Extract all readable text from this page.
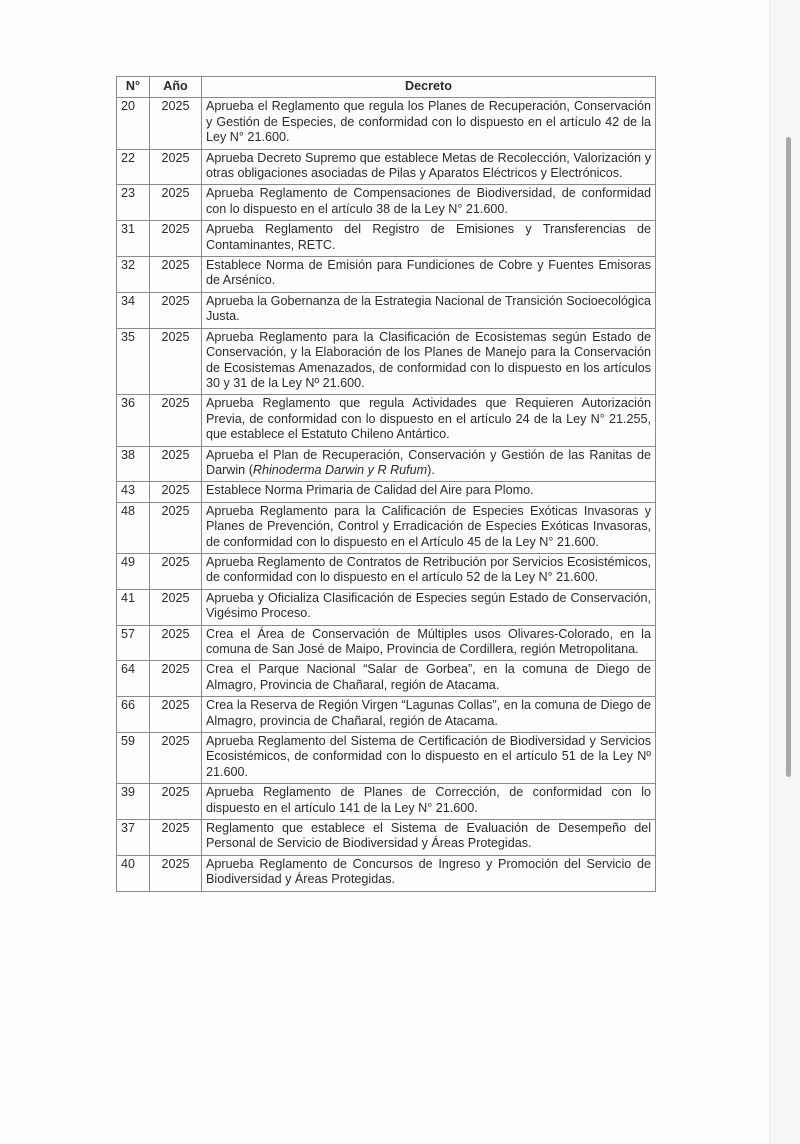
N°	Año	Decreto
20	2025	Aprueba el Reglamento que regula los Planes de Recuperación, Conservación y Gestión de Especies, de conformidad con lo dispuesto en el artículo 42 de la Ley N° 21.600.
22	2025	Aprueba Decreto Supremo que establece Metas de Recolección, Valorización y otras obligaciones asociadas de Pilas y Aparatos Eléctricos y Electrónicos.
23	2025	Aprueba Reglamento de Compensaciones de Biodiversidad, de conformidad con lo dispuesto en el artículo 38 de la Ley N° 21.600.
31	2025	Aprueba Reglamento del Registro de Emisiones y Transferencias de Contaminantes, RETC.
32	2025	Establece Norma de Emisión para Fundiciones de Cobre y Fuentes Emisoras de Arsénico.
34	2025	Aprueba la Gobernanza de la Estrategia Nacional de Transición Socioecológica Justa.
35	2025	Aprueba Reglamento para la Clasificación de Ecosistemas según Estado de Conservación, y la Elaboración de los Planes de Manejo para la Conservación de Ecosistemas Amenazados, de conformidad con lo dispuesto en los artículos 30 y 31 de la Ley Nº 21.600.
36	2025	Aprueba Reglamento que regula Actividades que Requieren Autorización Previa, de conformidad con lo dispuesto en el artículo 24 de la Ley N° 21.255, que establece el Estatuto Chileno Antártico.
38	2025	Aprueba el Plan de Recuperación, Conservación y Gestión de las Ranitas de Darwin (Rhinoderma Darwin y R Rufum).
43	2025	Establece Norma Primaria de Calidad del Aire para Plomo.
48	2025	Aprueba Reglamento para la Calificación de Especies Exóticas Invasoras y Planes de Prevención, Control y Erradicación de Especies Exóticas Invasoras, de conformidad con lo dispuesto en el Artículo 45 de la Ley N° 21.600.
49	2025	Aprueba Reglamento de Contratos de Retribución por Servicios Ecosistémicos, de conformidad con lo dispuesto en el artículo 52 de la Ley N° 21.600.
41	2025	Aprueba y Oficializa Clasificación de Especies según Estado de Conservación, Vigésimo Proceso.
57	2025	Crea el Área de Conservación de Múltiples usos Olivares-Colorado, en la comuna de San José de Maipo, Provincia de Cordillera, región Metropolitana.
64	2025	Crea el Parque Nacional “Salar de Gorbea”, en la comuna de Diego de Almagro, Provincia de Chañaral, región de Atacama.
66	2025	Crea la Reserva de Región Virgen “Lagunas Collas”, en la comuna de Diego de Almagro, provincia de Chañaral, región de Atacama.
59	2025	Aprueba Reglamento del Sistema de Certificación de Biodiversidad y Servicios Ecosistémicos, de conformidad con lo dispuesto en el artículo 51 de la Ley Nº 21.600.
39	2025	Aprueba Reglamento de Planes de Corrección, de conformidad con lo dispuesto en el artículo 141 de la Ley N° 21.600.
37	2025	Reglamento que establece el Sistema de Evaluación de Desempeño del Personal de Servicio de Biodiversidad y Áreas Protegidas.
40	2025	Aprueba Reglamento de Concursos de Ingreso y Promoción del Servicio de Biodiversidad y Áreas Protegidas.
